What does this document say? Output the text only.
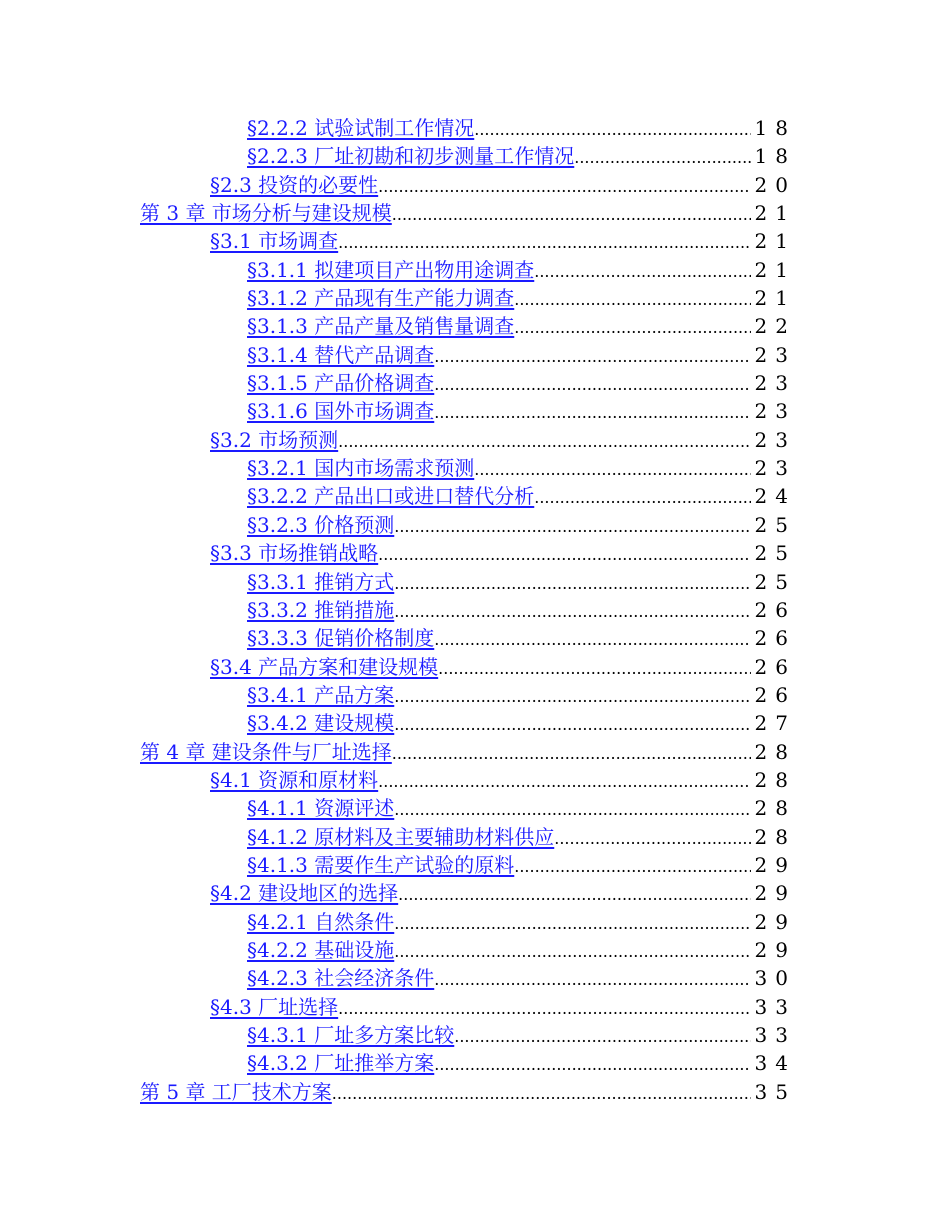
§2.2.2 试验试制工作情况 .....	18
§2.2.3 厂址初勘和初步测量工作情况 .....	18
§2.3 投资的必要性 .....	20
第 3 章 市场分析与建设规模 .....	21
§3.1 市场调查 .....	21
§3.1.1 拟建项目产出物用途调查 .....	21
§3.1.2 产品现有生产能力调查 .....	21
§3.1.3 产品产量及销售量调查 .....	22
§3.1.4 替代产品调查 .....	23
§3.1.5 产品价格调查 .....	23
§3.1.6 国外市场调查 .....	23
§3.2 市场预测 .....	23
§3.2.1 国内市场需求预测 .....	23
§3.2.2 产品出口或进口替代分析 .....	24
§3.2.3 价格预测 .....	25
§3.3 市场推销战略 .....	25
§3.3.1 推销方式 .....	25
§3.3.2 推销措施 .....	26
§3.3.3 促销价格制度 .....	26
§3.4 产品方案和建设规模 .....	26
§3.4.1 产品方案 .....	26
§3.4.2 建设规模 .....	27
第 4 章 建设条件与厂址选择 .....	28
§4.1 资源和原材料 .....	28
§4.1.1 资源评述 .....	28
§4.1.2 原材料及主要辅助材料供应 .....	28
§4.1.3 需要作生产试验的原料 .....	29
§4.2 建设地区的选择 .....	29
§4.2.1 自然条件 .....	29
§4.2.2 基础设施 .....	29
§4.2.3 社会经济条件 .....	30
§4.3 厂址选择 .....	33
§4.3.1 厂址多方案比较 .....	33
§4.3.2 厂址推举方案 .....	34
第 5 章 工厂技术方案 .....	35
